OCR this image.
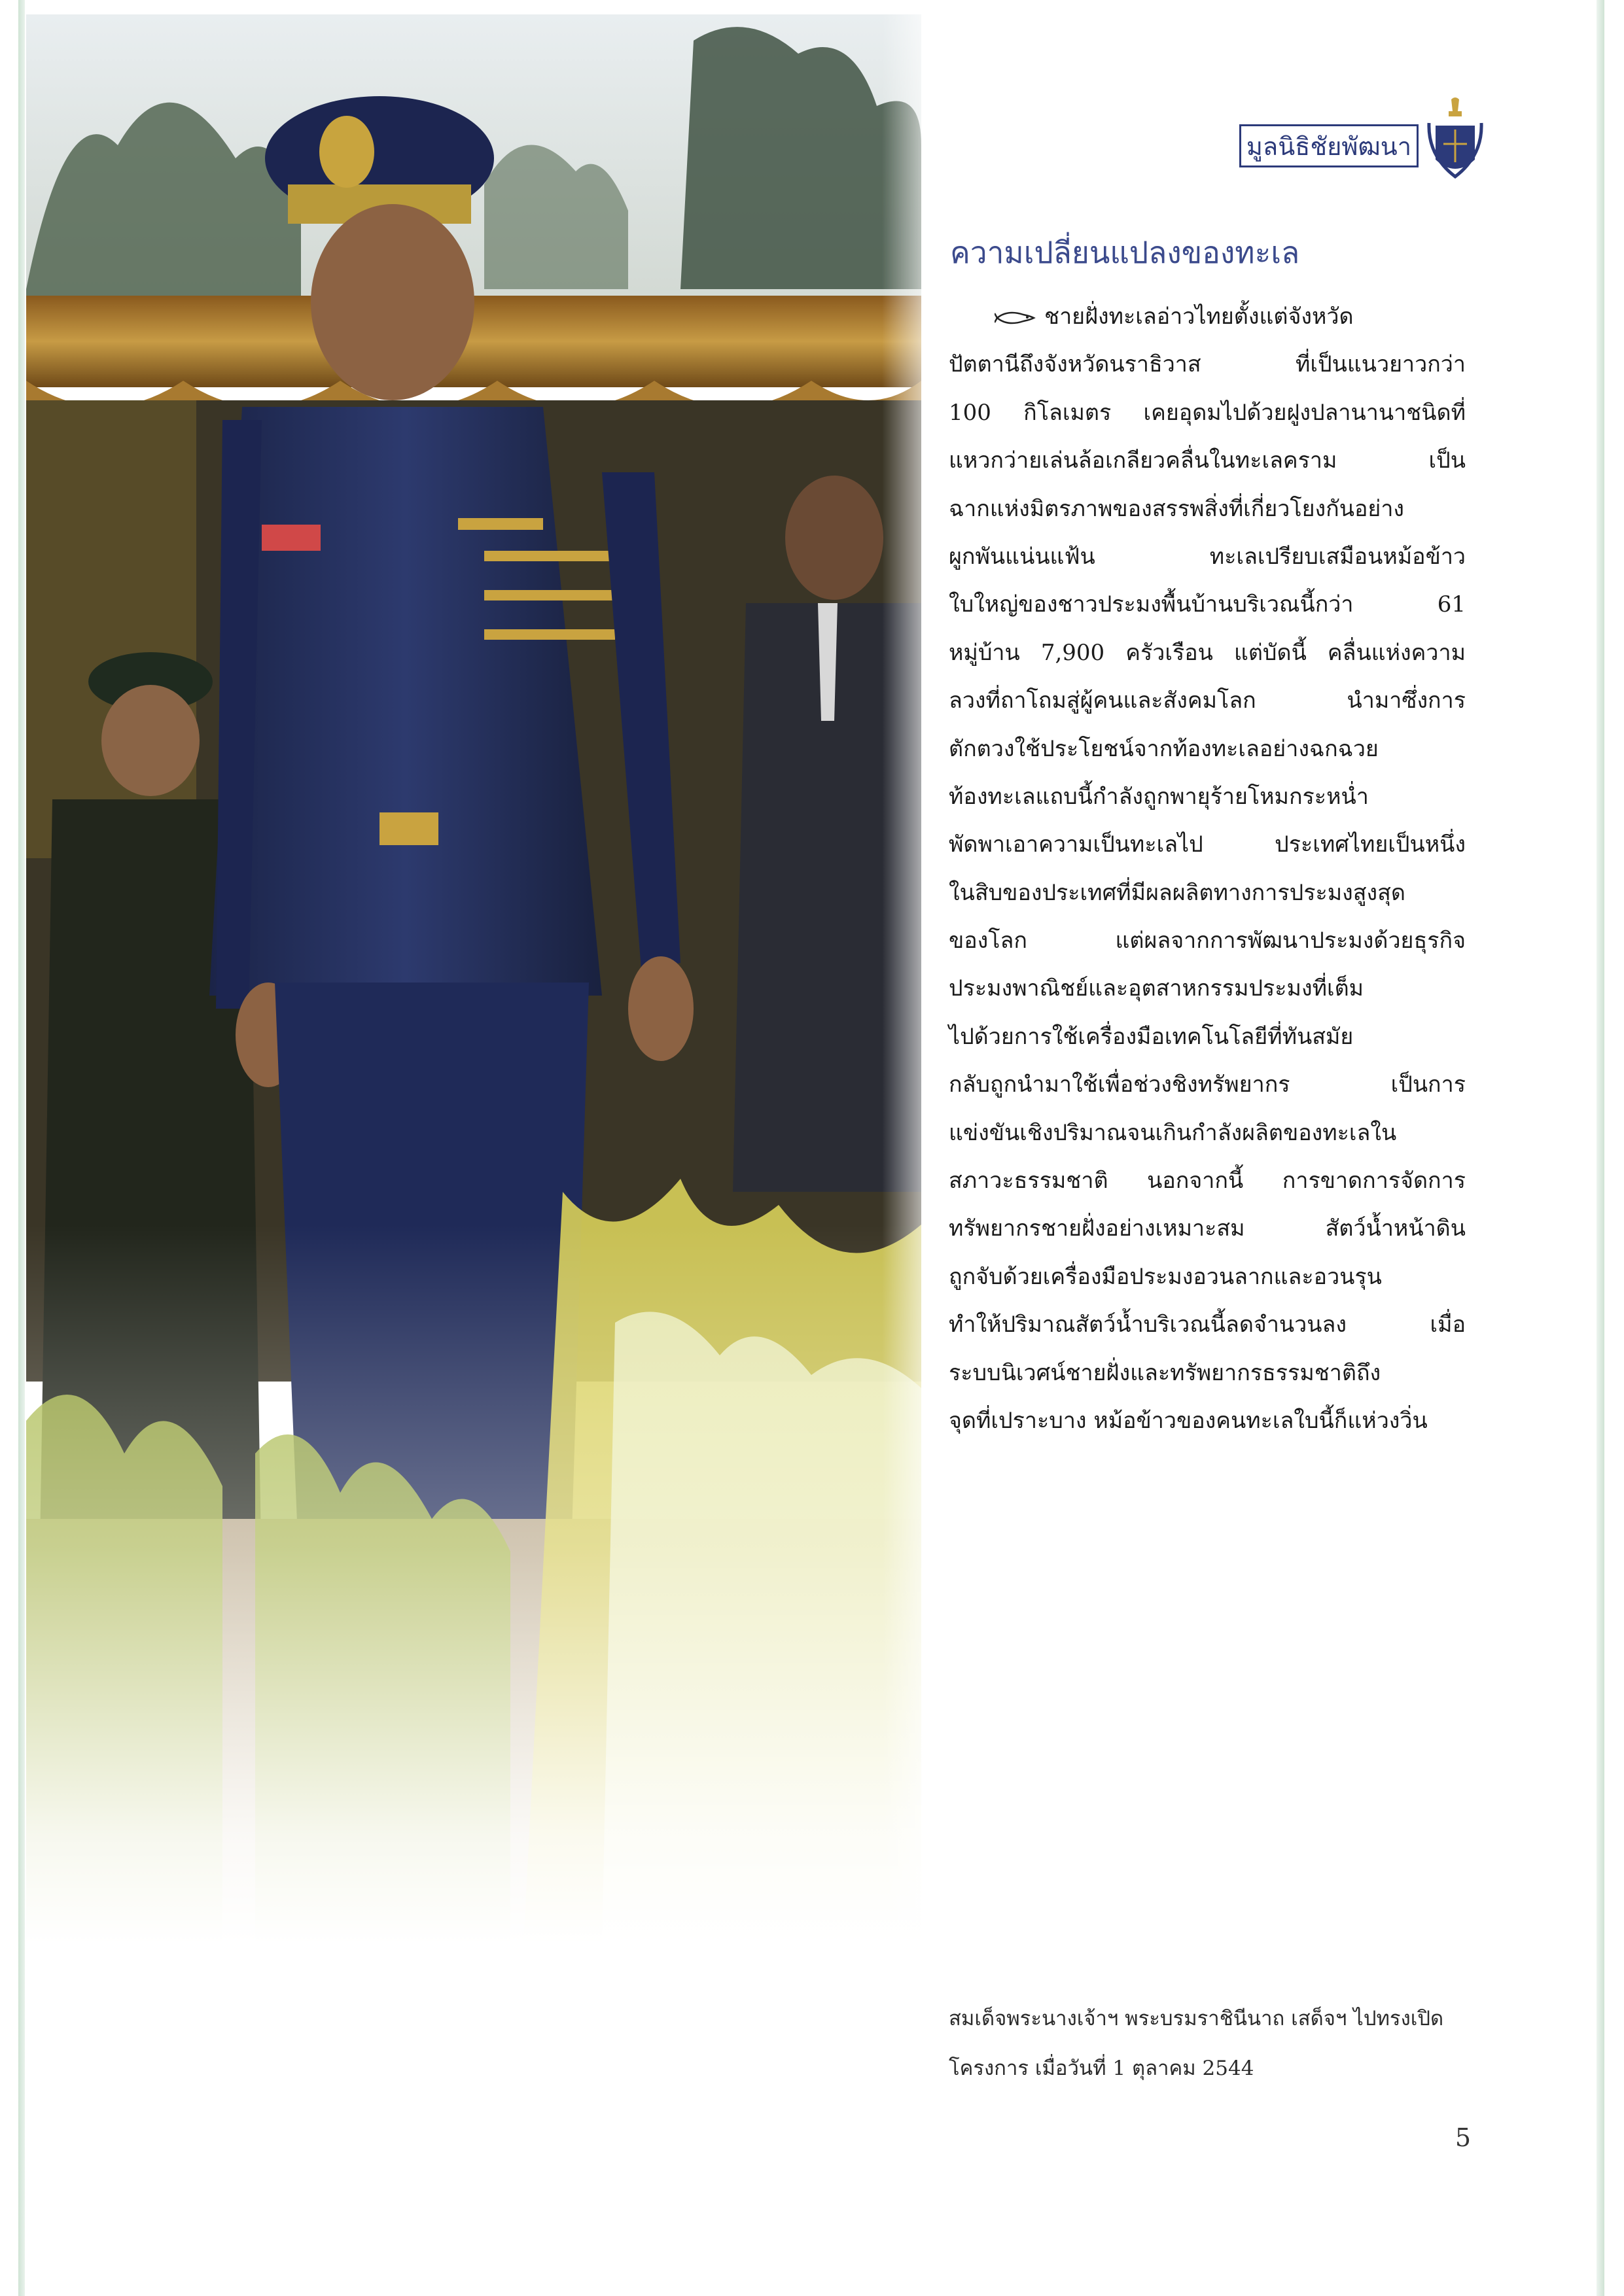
มูลนิธิชัยพัฒนา
ความเปลี่ยนแปลงของทะเล
ชายฝั่งทะเลอ่าวไทยตั้งแต่จังหวัด
ปัตตานีถึงจังหวัดนราธิวาส ที่เป็นแนวยาวกว่า
100 กิโลเมตร เคยอุดมไปด้วยฝูงปลานานาชนิดที่
แหวกว่ายเล่นล้อเกลียวคลื่นในทะเลคราม เป็น
ฉากแห่งมิตรภาพของสรรพสิ่งที่เกี่ยวโยงกันอย่าง
ผูกพันแน่นแฟ้น ทะเลเปรียบเสมือนหม้อข้าว
ใบใหญ่ของชาวประมงพื้นบ้านบริเวณนี้กว่า 61
หมู่บ้าน 7,900 ครัวเรือน แต่บัดนี้ คลื่นแห่งความ
ลวงที่ถาโถมสู่ผู้คนและสังคมโลก นำมาซึ่งการ
ตักตวงใช้ประโยชน์จากท้องทะเลอย่างฉกฉวย
ท้องทะเลแถบนี้กำลังถูกพายุร้ายโหมกระหน่ำ
พัดพาเอาความเป็นทะเลไป ประเทศไทยเป็นหนึ่ง
ในสิบของประเทศที่มีผลผลิตทางการประมงสูงสุด
ของโลก แต่ผลจากการพัฒนาประมงด้วยธุรกิจ
ประมงพาณิชย์และอุตสาหกรรมประมงที่เต็ม
ไปด้วยการใช้เครื่องมือเทคโนโลยีที่ทันสมัย
กลับถูกนำมาใช้เพื่อช่วงชิงทรัพยากร เป็นการ
แข่งขันเชิงปริมาณจนเกินกำลังผลิตของทะเลใน
สภาวะธรรมชาติ นอกจากนี้ การขาดการจัดการ
ทรัพยากรชายฝั่งอย่างเหมาะสม สัตว์น้ำหน้าดิน
ถูกจับด้วยเครื่องมือประมงอวนลากและอวนรุน
ทำให้ปริมาณสัตว์น้ำบริเวณนี้ลดจำนวนลง เมื่อ
ระบบนิเวศน์ชายฝั่งและทรัพยากรธรรมชาติถึง
จุดที่เปราะบาง หม้อข้าวของคนทะเลใบนี้ก็แห่วงวิ่น
สมเด็จพระนางเจ้าฯ พระบรมราชินีนาถ เสด็จฯ ไปทรงเปิด
โครงการ เมื่อวันที่ 1 ตุลาคม 2544
5
